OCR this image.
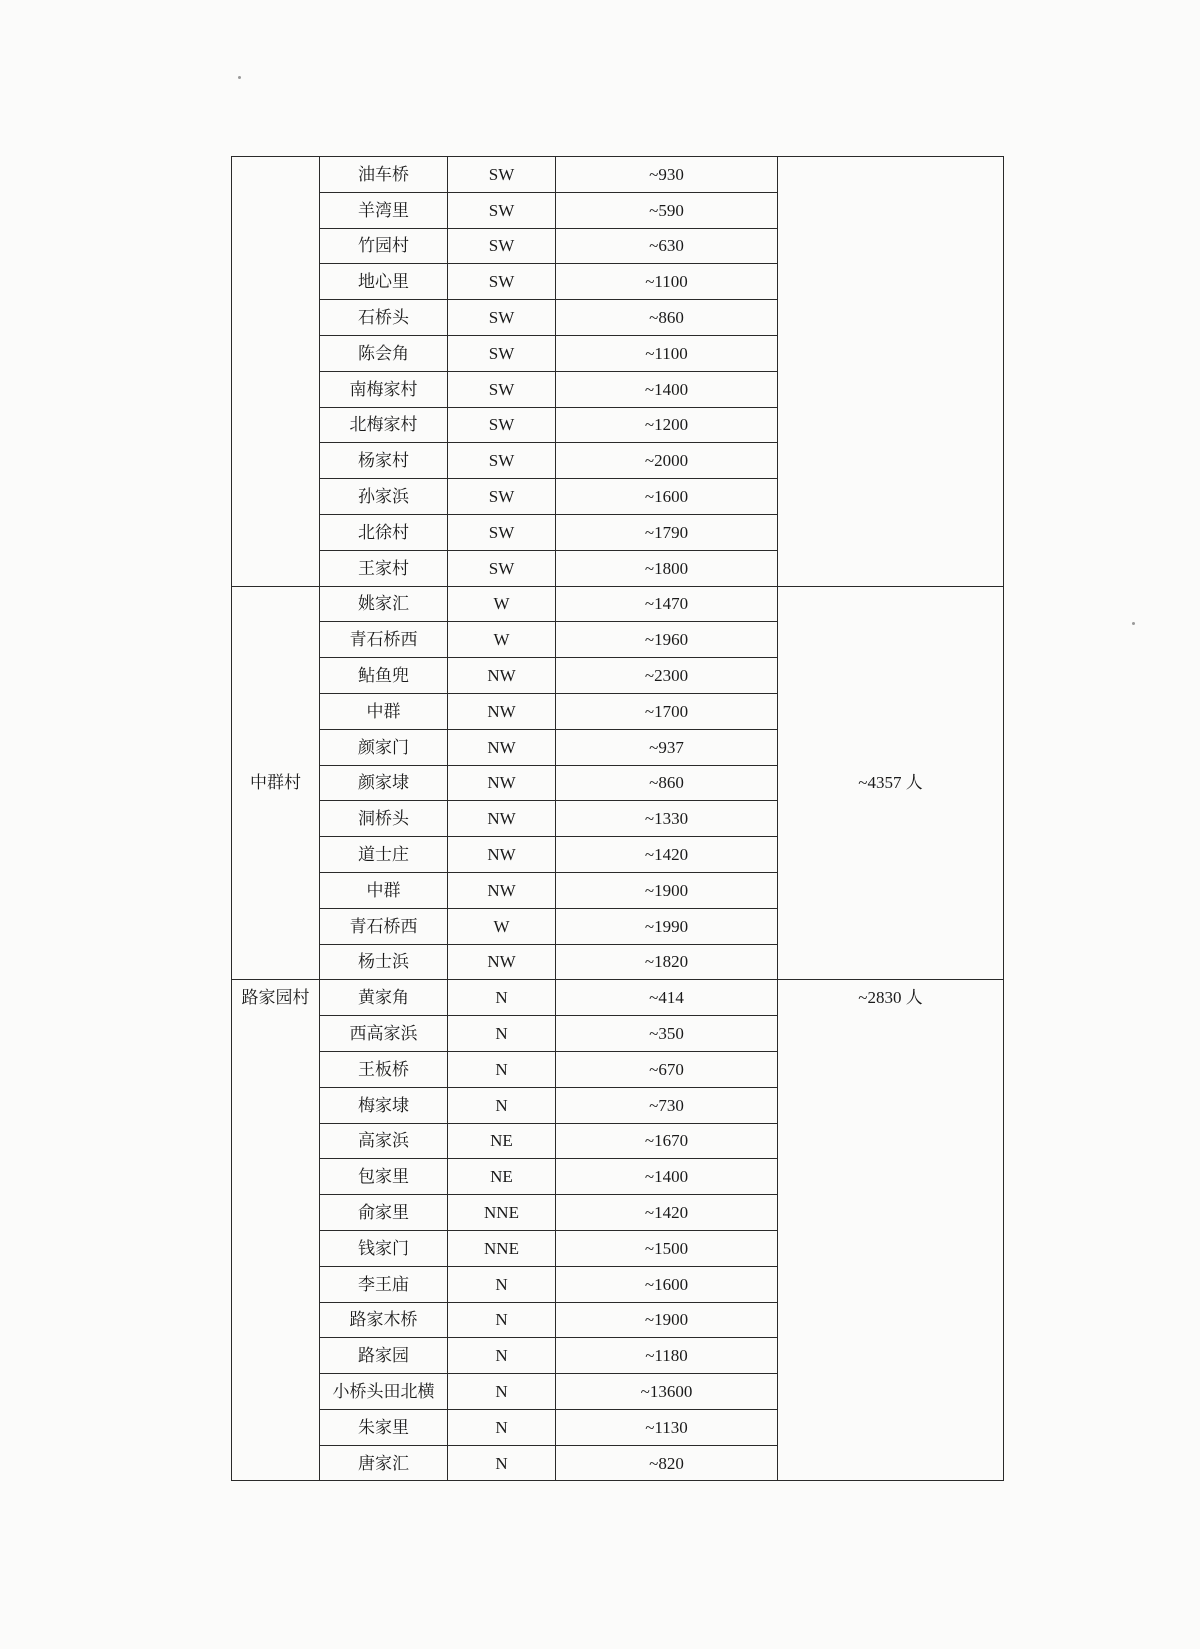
	油车桥	SW	~930	
	羊湾里	SW	~590	
	竹园村	SW	~630	
	地心里	SW	~1100	
	石桥头	SW	~860	
	陈会角	SW	~1100	
	南梅家村	SW	~1400	
	北梅家村	SW	~1200	
	杨家村	SW	~2000	
	孙家浜	SW	~1600	
	北徐村	SW	~1790	
	王家村	SW	~1800	
中群村	姚家汇	W	~1470	~4357 人
	青石桥西	W	~1960	
	鲇鱼兜	NW	~2300	
	中群	NW	~1700	
	颜家门	NW	~937	
	颜家埭	NW	~860	
	洞桥头	NW	~1330	
	道士庄	NW	~1420	
	中群	NW	~1900	
	青石桥西	W	~1990	
	杨士浜	NW	~1820	
路家园村	黄家角	N	~414	~2830 人
	西高家浜	N	~350	
	王板桥	N	~670	
	梅家埭	N	~730	
	高家浜	NE	~1670	
	包家里	NE	~1400	
	俞家里	NNE	~1420	
	钱家门	NNE	~1500	
	李王庙	N	~1600	
	路家木桥	N	~1900	
	路家园	N	~1180	
	小桥头田北横	N	~13600	
	朱家里	N	~1130	
	唐家汇	N	~820	
